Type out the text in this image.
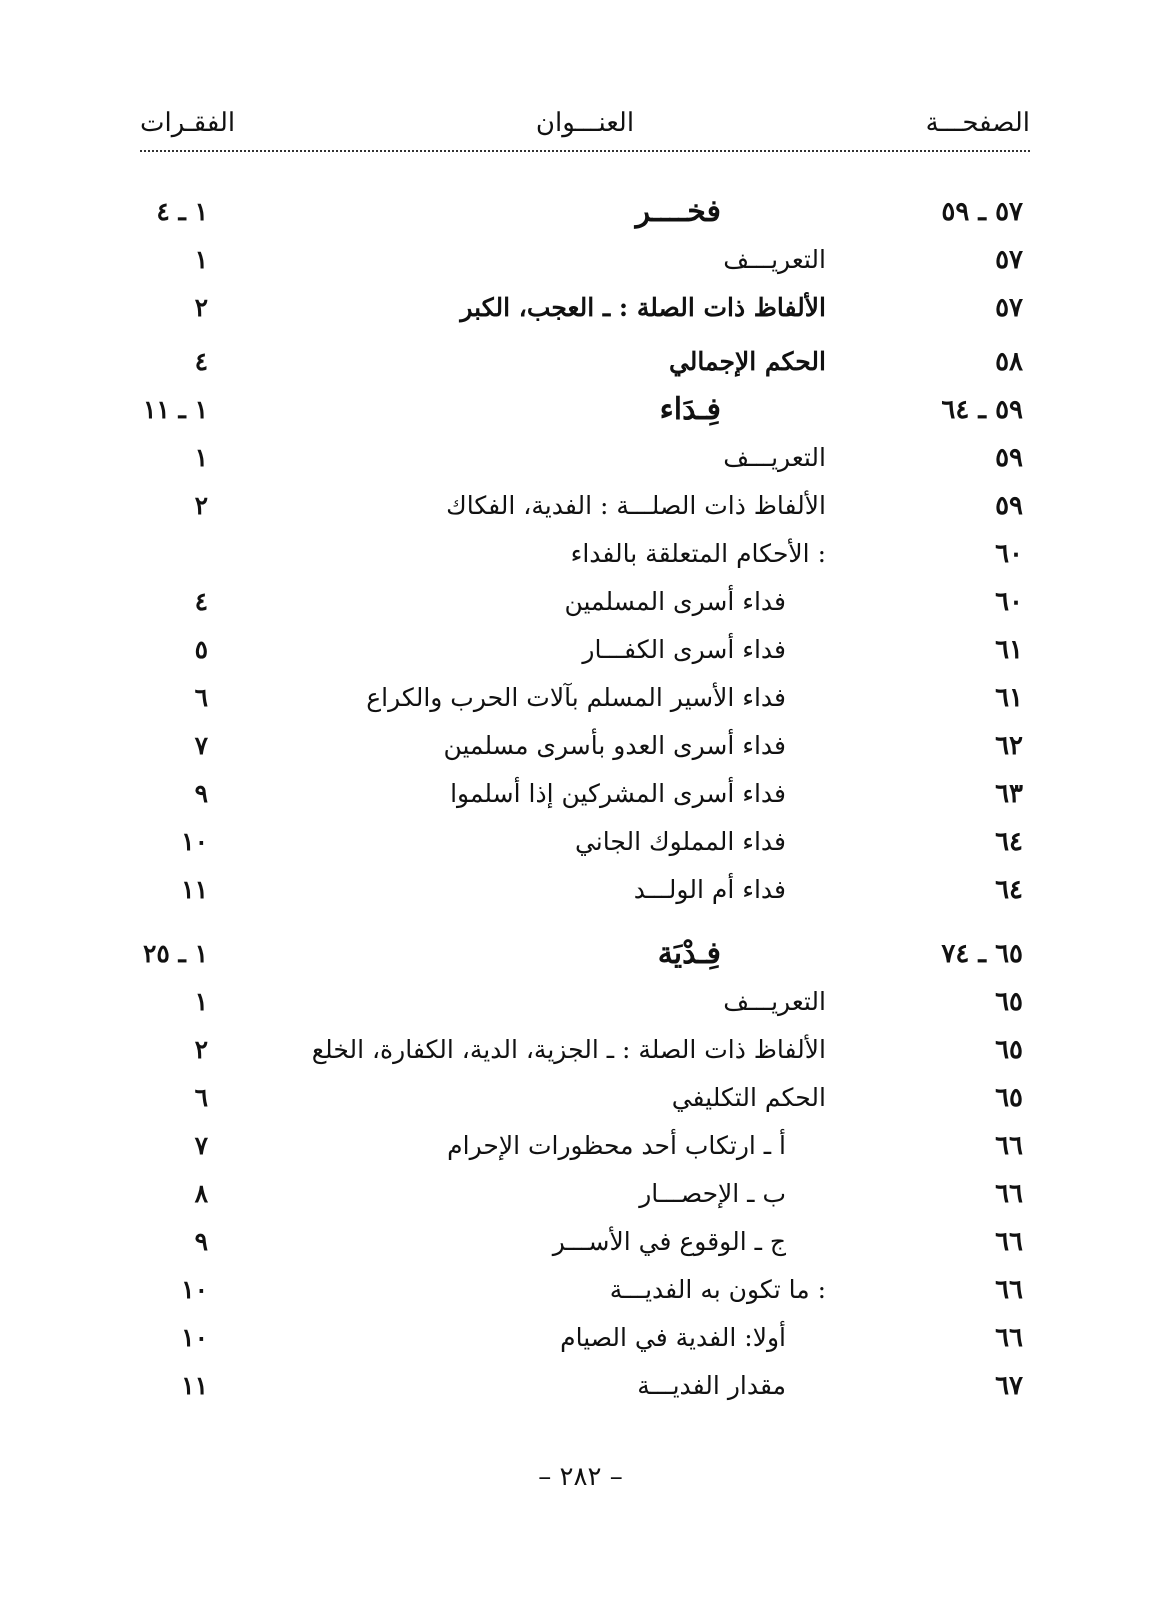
الصفحـــة
العنـــوان
الفقـرات
٥٧ ـ ٥٩
فخــــر
١ ـ ٤
٥٧
التعريـــف
١
٥٧
الألفاظ ذات الصلة : ـ العجب، الكبر
٢
٥٨
الحكم الإجمالي
٤
٥٩ ـ ٦٤
فِـدَاء
١ ـ ١١
٥٩
التعريـــف
١
٥٩
الألفاظ ذات الصلـــة : الفدية، الفكاك
٢
٦٠
الأحكام المتعلقة بالفداء :
٦٠
فداء أسرى المسلمين
٤
٦١
فداء أسرى الكفـــار
٥
٦١
فداء الأسير المسلم بآلات الحرب والكراع
٦
٦٢
فداء أسرى العدو بأسرى مسلمين
٧
٦٣
فداء أسرى المشركين إذا أسلموا
٩
٦٤
فداء المملوك الجاني
١٠
٦٤
فداء أم الولـــد
١١
٦٥ ـ ٧٤
فِـدْيَة
١ ـ ٢٥
٦٥
التعريـــف
١
٦٥
الألفاظ ذات الصلة : ـ الجزية، الدية، الكفارة، الخلع
٢
٦٥
الحكم التكليفي
٦
٦٦
أ ـ ارتكاب أحد محظورات الإحرام
٧
٦٦
ب ـ الإحصـــار
٨
٦٦
ج ـ الوقوع في الأســـر
٩
٦٦
ما تكون به الفديـــة :
١٠
٦٦
أولا: الفدية في الصيام
١٠
٦٧
مقدار الفديـــة
١١
– ٢٨٢ –
